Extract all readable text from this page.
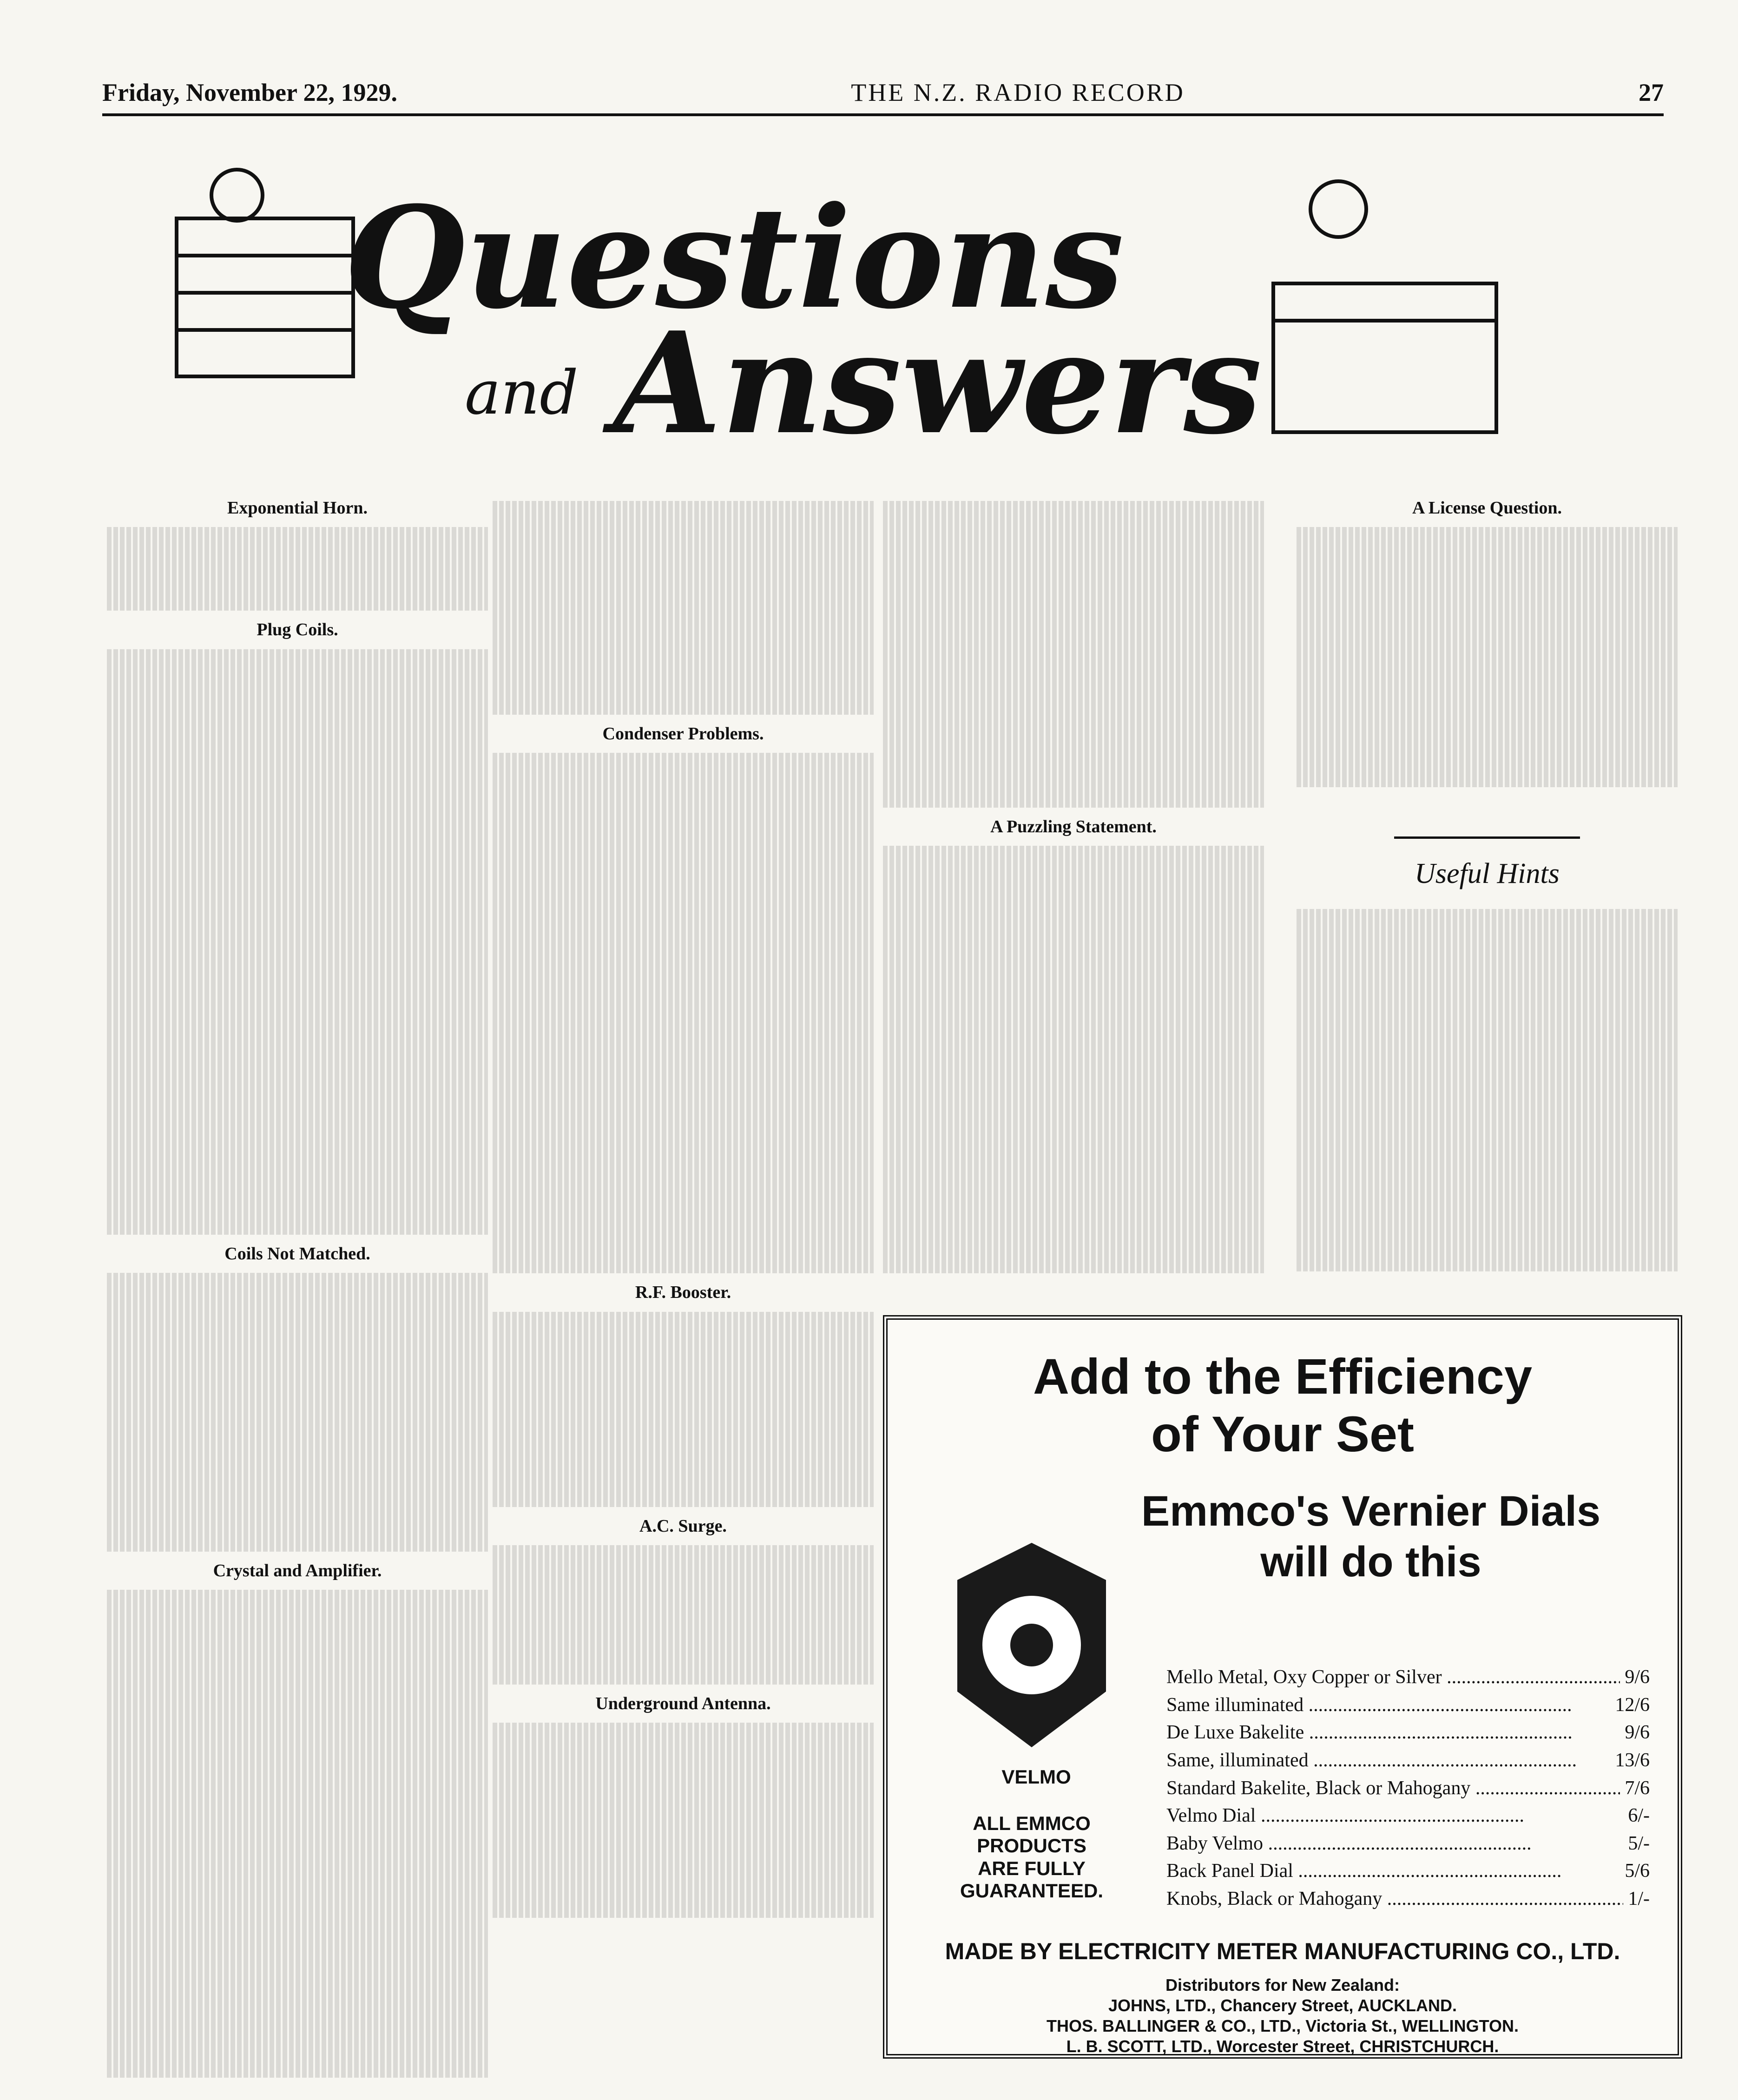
Friday, November 22, 1929.	THE N.Z. RADIO RECORD	27
Questions
and Answers
Exponential Horn.
Plug Coils.
Coils Not Matched.
Crystal and Amplifier.
Condenser Problems.
R.F. Booster.
A.C. Surge.
Underground Antenna.
A Puzzling Statement.
A License Question.
Useful Hints
Add to the Efficiency
of Your Set
Emmco's Vernier Dials
will do this
VELMO
ALL EMMCO
PRODUCTS
ARE FULLY
GUARANTEED.
Mello Metal, Oxy Copper or Silver .....	9/6
Same illuminated .....	12/6
De Luxe Bakelite .....	9/6
Same, illuminated .....	13/6
Standard Bakelite, Black or Mahogany .....	7/6
Velmo Dial .....	6/-
Baby Velmo .....	5/-
Back Panel Dial .....	5/6
Knobs, Black or Mahogany .....	1/-
MADE BY ELECTRICITY METER MANUFACTURING CO., LTD.
Distributors for New Zealand:
JOHNS, LTD., Chancery Street, AUCKLAND.
THOS. BALLINGER & CO., LTD., Victoria St., WELLINGTON.
L. B. SCOTT, LTD., Worcester Street, CHRISTCHURCH.
